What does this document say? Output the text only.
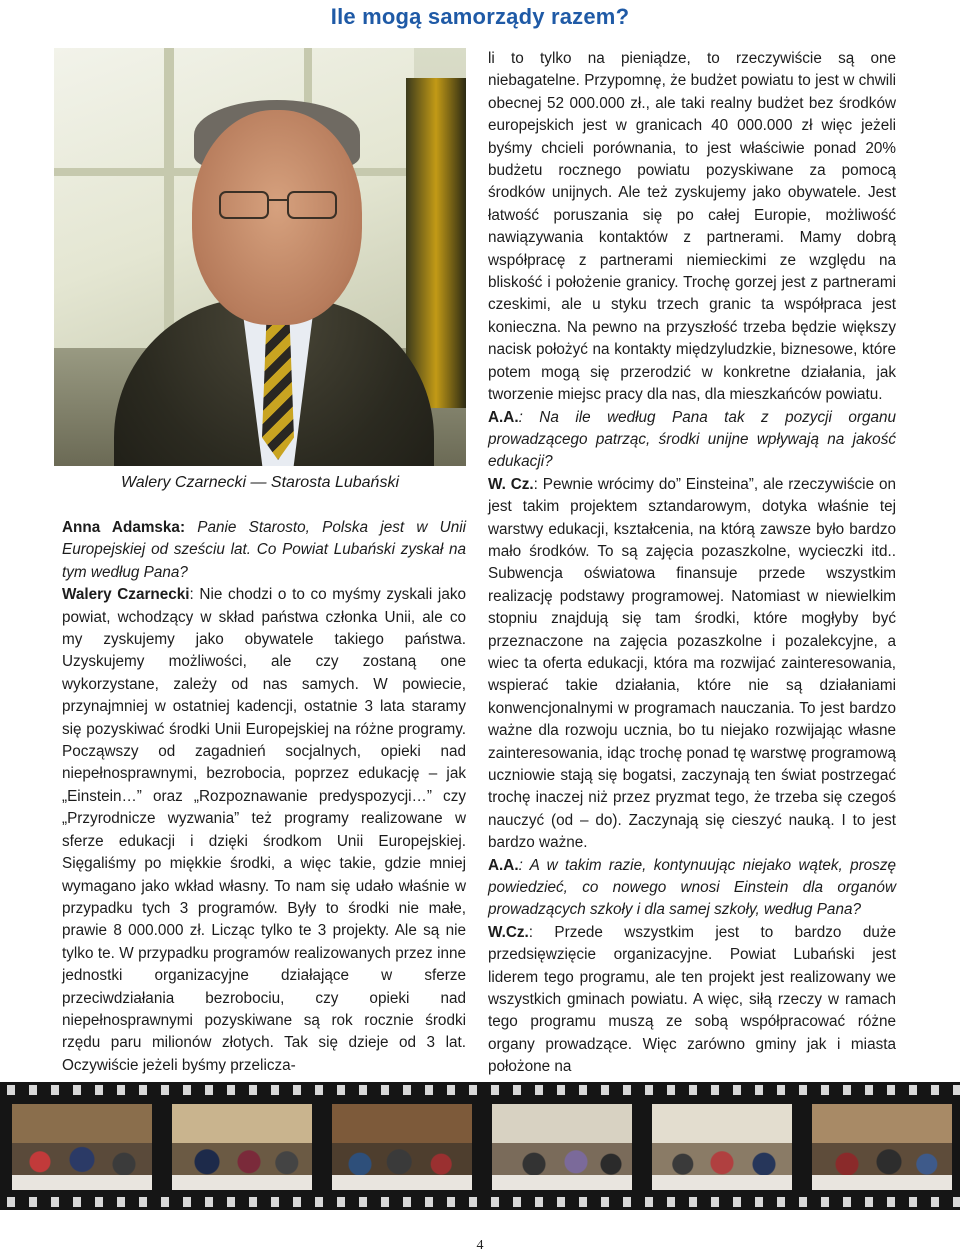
Ile mogą samorządy razem?
Walery Czarnecki — Starosta Lubański

Anna Adamska: Panie Starosto, Polska jest w Unii Europejskiej od sześciu lat. Co Powiat Lubański zyskał na tym według Pana?

Walery Czarnecki: Nie chodzi o to co myśmy zyskali jako powiat, wchodzący w skład państwa członka Unii, ale co my zyskujemy jako obywatele takiego państwa. Uzyskujemy możliwości, ale czy zostaną one wykorzystane, zależy od nas samych. W powiecie, przynajmniej w ostatniej kadencji, ostatnie 3 lata staramy się pozyskiwać środki Unii Europejskiej na różne programy. Począwszy od zagadnień socjalnych, opieki nad niepełnosprawnymi, bezrobocia, poprzez edukację – jak „Einstein…” oraz „Rozpoznawanie predyspozycji…” czy „Przyrodnicze wyzwania” też programy realizowane w sferze edukacji i dzięki środkom Unii Europejskiej. Sięgaliśmy po miękkie środki, a więc takie, gdzie mniej wymagano jako wkład własny. To nam się udało właśnie w przypadku tych 3 programów. Były to środki nie małe, prawie 8 000.000 zł. Licząc tylko te 3 projekty. Ale są nie tylko te. W przypadku programów realizowanych przez inne jednostki organizacyjne działające w sferze przeciwdziałania bezrobociu, czy opieki nad niepełnosprawnymi pozyskiwane są rok rocznie środki rzędu paru milionów złotych. Tak się dzieje od 3 lat. Oczywiście jeżeli byśmy przelicza-

li to tylko na pieniądze, to rzeczywiście są one niebagatelne. Przypomnę, że budżet powiatu to jest w chwili obecnej 52 000.000 zł., ale taki realny budżet bez środków europejskich jest w granicach 40 000.000 zł więc jeżeli byśmy chcieli porównania, to jest właściwie ponad 20% budżetu rocznego powiatu pozyskiwane za pomocą środków unijnych. Ale też zyskujemy jako obywatele. Jest łatwość poruszania się po całej Europie, możliwość nawiązywania kontaktów z partnerami. Mamy dobrą współpracę z partnerami niemieckimi ze względu na bliskość i położenie granicy. Trochę gorzej jest z partnerami czeskimi, ale u styku trzech granic ta współpraca jest konieczna. Na pewno na przyszłość trzeba będzie większy nacisk położyć na kontakty międzyludzkie, biznesowe, które potem mogą się przerodzić w konkretne działania, jak tworzenie miejsc pracy dla nas, dla mieszkańców powiatu.

A.A.: Na ile według Pana tak z pozycji organu prowadzącego patrząc, środki unijne wpływają na jakość edukacji?

W. Cz.: Pewnie wrócimy do” Einsteina”, ale rzeczywiście on jest takim projektem sztandarowym, dotyka właśnie tej warstwy edukacji, kształcenia, na którą zawsze było bardzo mało środków. To są zajęcia pozaszkolne, wycieczki itd.. Subwencja oświatowa finansuje przede wszystkim realizację podstawy programowej. Natomiast w niewielkim stopniu znajdują się tam środki, które mogłyby być przeznaczone na zajęcia pozaszkolne i pozalekcyjne, a wiec ta oferta edukacji, która ma rozwijać zainteresowania, wspierać takie działania, które nie są działaniami konwencjonalnymi w programach nauczania. To jest bardzo ważne dla rozwoju ucznia, bo tu niejako rozwijając własne zainteresowania, idąc trochę ponad tę warstwę programową uczniowie stają się bogatsi, zaczynają ten świat postrzegać trochę inaczej niż przez pryzmat tego, że trzeba się czegoś nauczyć (od – do). Zaczynają się cieszyć nauką. I to jest bardzo ważne.

A.A.: A w takim razie, kontynuując niejako wątek, proszę powiedzieć, co nowego wnosi Einstein dla organów prowadzących szkoły i dla samej szkoły, według Pana?

W.Cz.: Przede wszystkim jest to bardzo duże przedsięwzięcie organizacyjne. Powiat Lubański jest liderem tego programu, ale ten projekt jest realizowany we wszystkich gminach powiatu. A więc, siłą rzeczy w ramach tego programu muszą ze sobą współpracować różne organy prowadzące. Więc zarówno gminy jak i miasta położone na

4
